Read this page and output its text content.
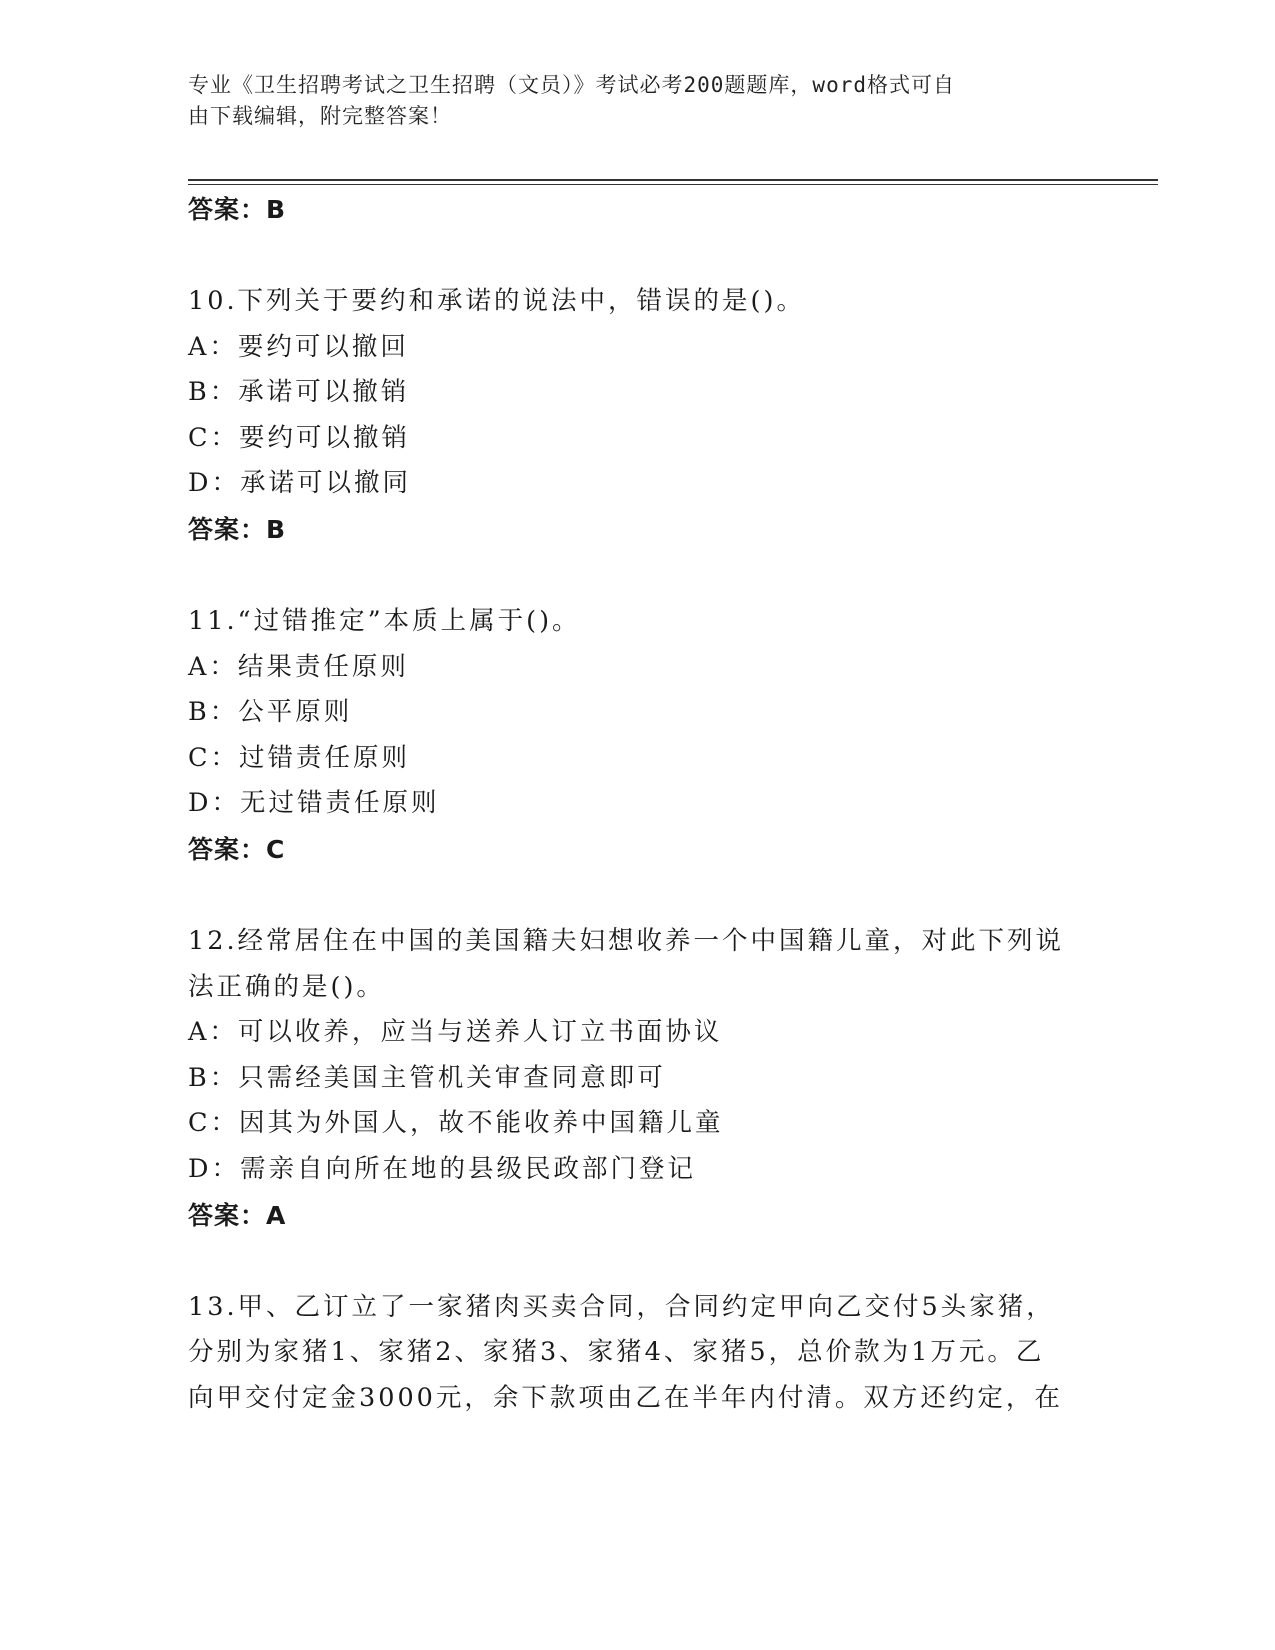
专业《卫生招聘考试之卫生招聘（文员）》考试必考200题题库，word格式可自
由下载编辑，附完整答案！
答案：B
10.下列关于要约和承诺的说法中，错误的是()。
A：要约可以撤回
B：承诺可以撤销
C：要约可以撤销
D：承诺可以撤同
答案：B
11.“过错推定”本质上属于()。
A：结果责任原则
B：公平原则
C：过错责任原则
D：无过错责任原则
答案：C
12.经常居住在中国的美国籍夫妇想收养一个中国籍儿童，对此下列说
法正确的是()。
A：可以收养，应当与送养人订立书面协议
B：只需经美国主管机关审查同意即可
C：因其为外国人，故不能收养中国籍儿童
D：需亲自向所在地的县级民政部门登记
答案：A
13.甲、乙订立了一家猪肉买卖合同，合同约定甲向乙交付5头家猪，
分别为家猪1、家猪2、家猪3、家猪4、家猪5，总价款为1万元。乙
向甲交付定金3000元，余下款项由乙在半年内付清。双方还约定，在
